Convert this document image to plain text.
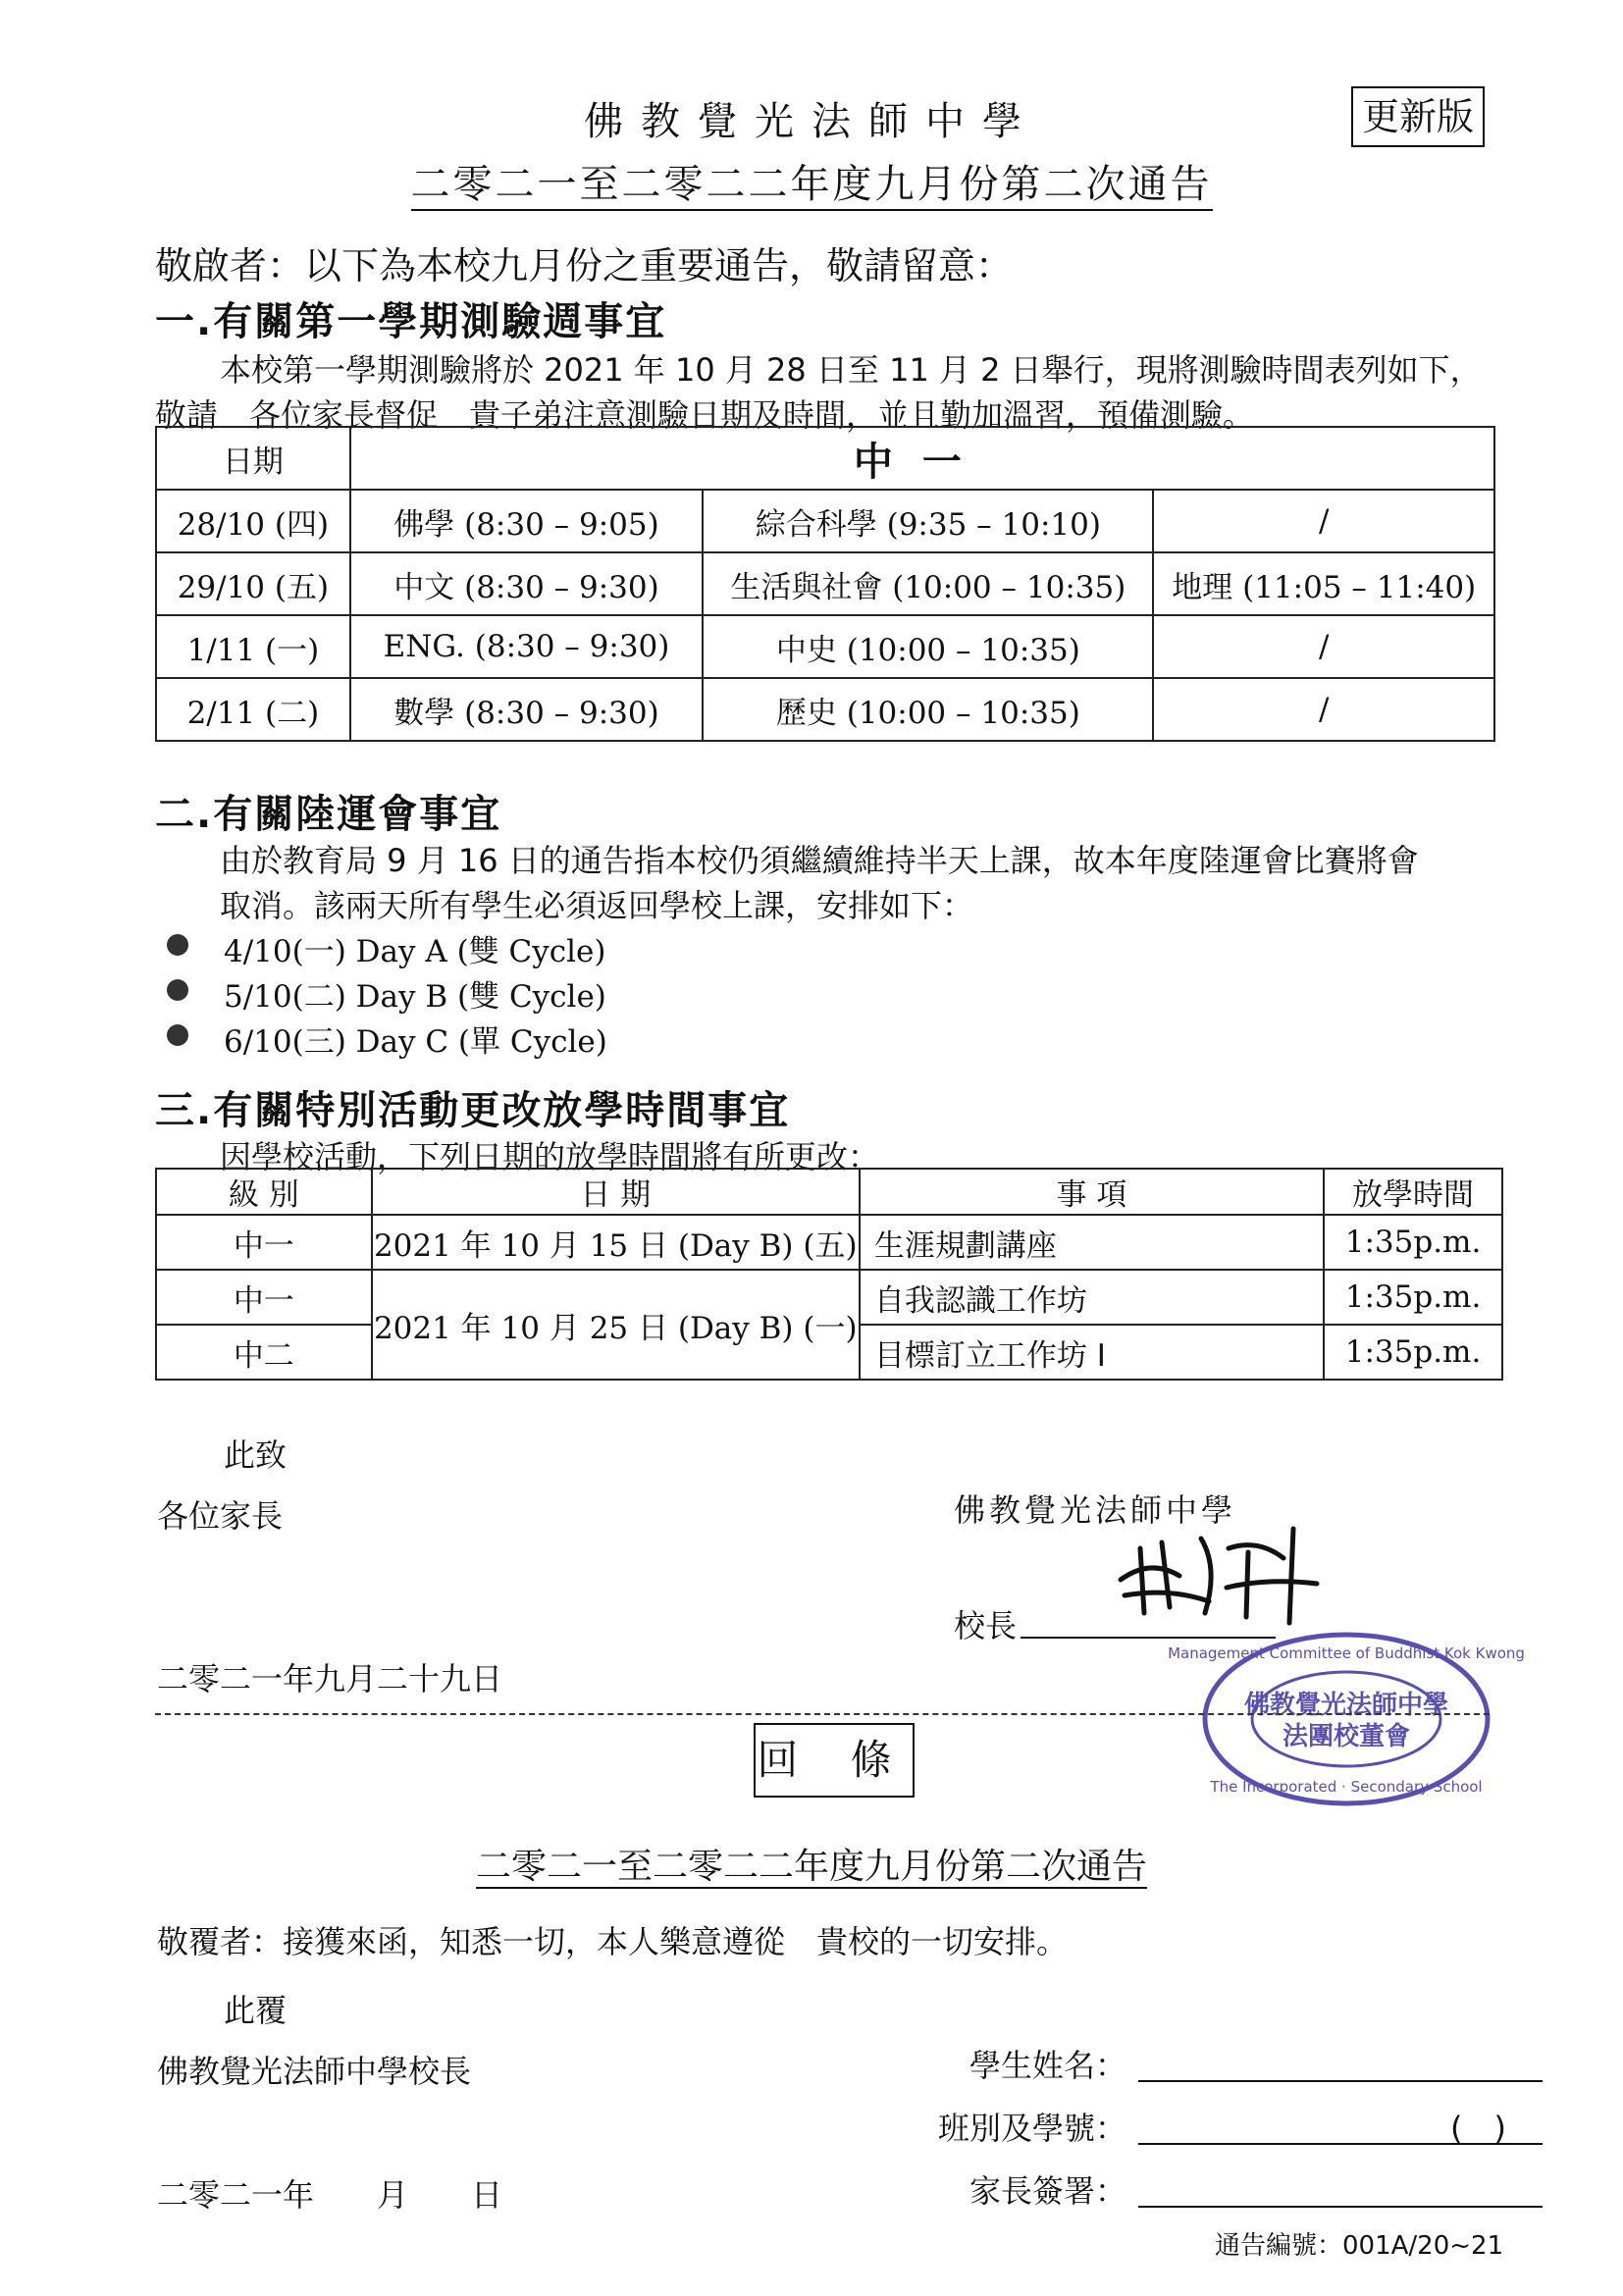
佛教覺光法師中學	更新版
二零二一至二零二二年度九月份第二次通告
敬啟者：以下為本校九月份之重要通告，敬請留意：
一.有關第一學期測驗週事宜
本校第一學期測驗將於 2021 年 10 月 28 日至 11 月 2 日舉行，現將測驗時間表列如下，
敬請　各位家長督促　貴子弟注意測驗日期及時間，並且勤加溫習，預備測驗。
日期	中一		
28/10 (四)	佛學 (8:30 – 9:05)	綜合科學 (9:35 – 10:10)	/
29/10 (五)	中文 (8:30 – 9:30)	生活與社會 (10:00 – 10:35)	地理 (11:05 – 11:40)
1/11 (一)	ENG. (8:30 – 9:30)	中史 (10:00 – 10:35)	/
2/11 (二)	數學 (8:30 – 9:30)	歷史 (10:00 – 10:35)	/
二.有關陸運會事宜
由於教育局 9 月 16 日的通告指本校仍須繼續維持半天上課，故本年度陸運會比賽將會
取消。該兩天所有學生必須返回學校上課，安排如下：
4/10(一) Day A (雙 Cycle)
5/10(二) Day B (雙 Cycle)
6/10(三) Day C (單 Cycle)
三.有關特別活動更改放學時間事宜
因學校活動，下列日期的放學時間將有所更改：
級 別	日 期	事 項	放學時間
中一	2021 年 10 月 15 日 (Day B) (五)	生涯規劃講座	1:35p.m.
中一	2021 年 10 月 25 日 (Day B) (一)	自我認識工作坊	1:35p.m.
中二		目標訂立工作坊 I	1:35p.m.
此致
各位家長	佛教覺光法師中學
校長
二零二一年九月二十九日
佛教覺光法師中學
法團校董會
Management Committee of Buddhist Kok Kwong
The Incorporated · Secondary School
回 條
二零二一至二零二二年度九月份第二次通告
敬覆者：接獲來函，知悉一切，本人樂意遵從　貴校的一切安排。
此覆
佛教覺光法師中學校長
二零二一年　　月　　日
學生姓名：
班別及學號：	(　)
家長簽署：
通告編號：001A/20~21
